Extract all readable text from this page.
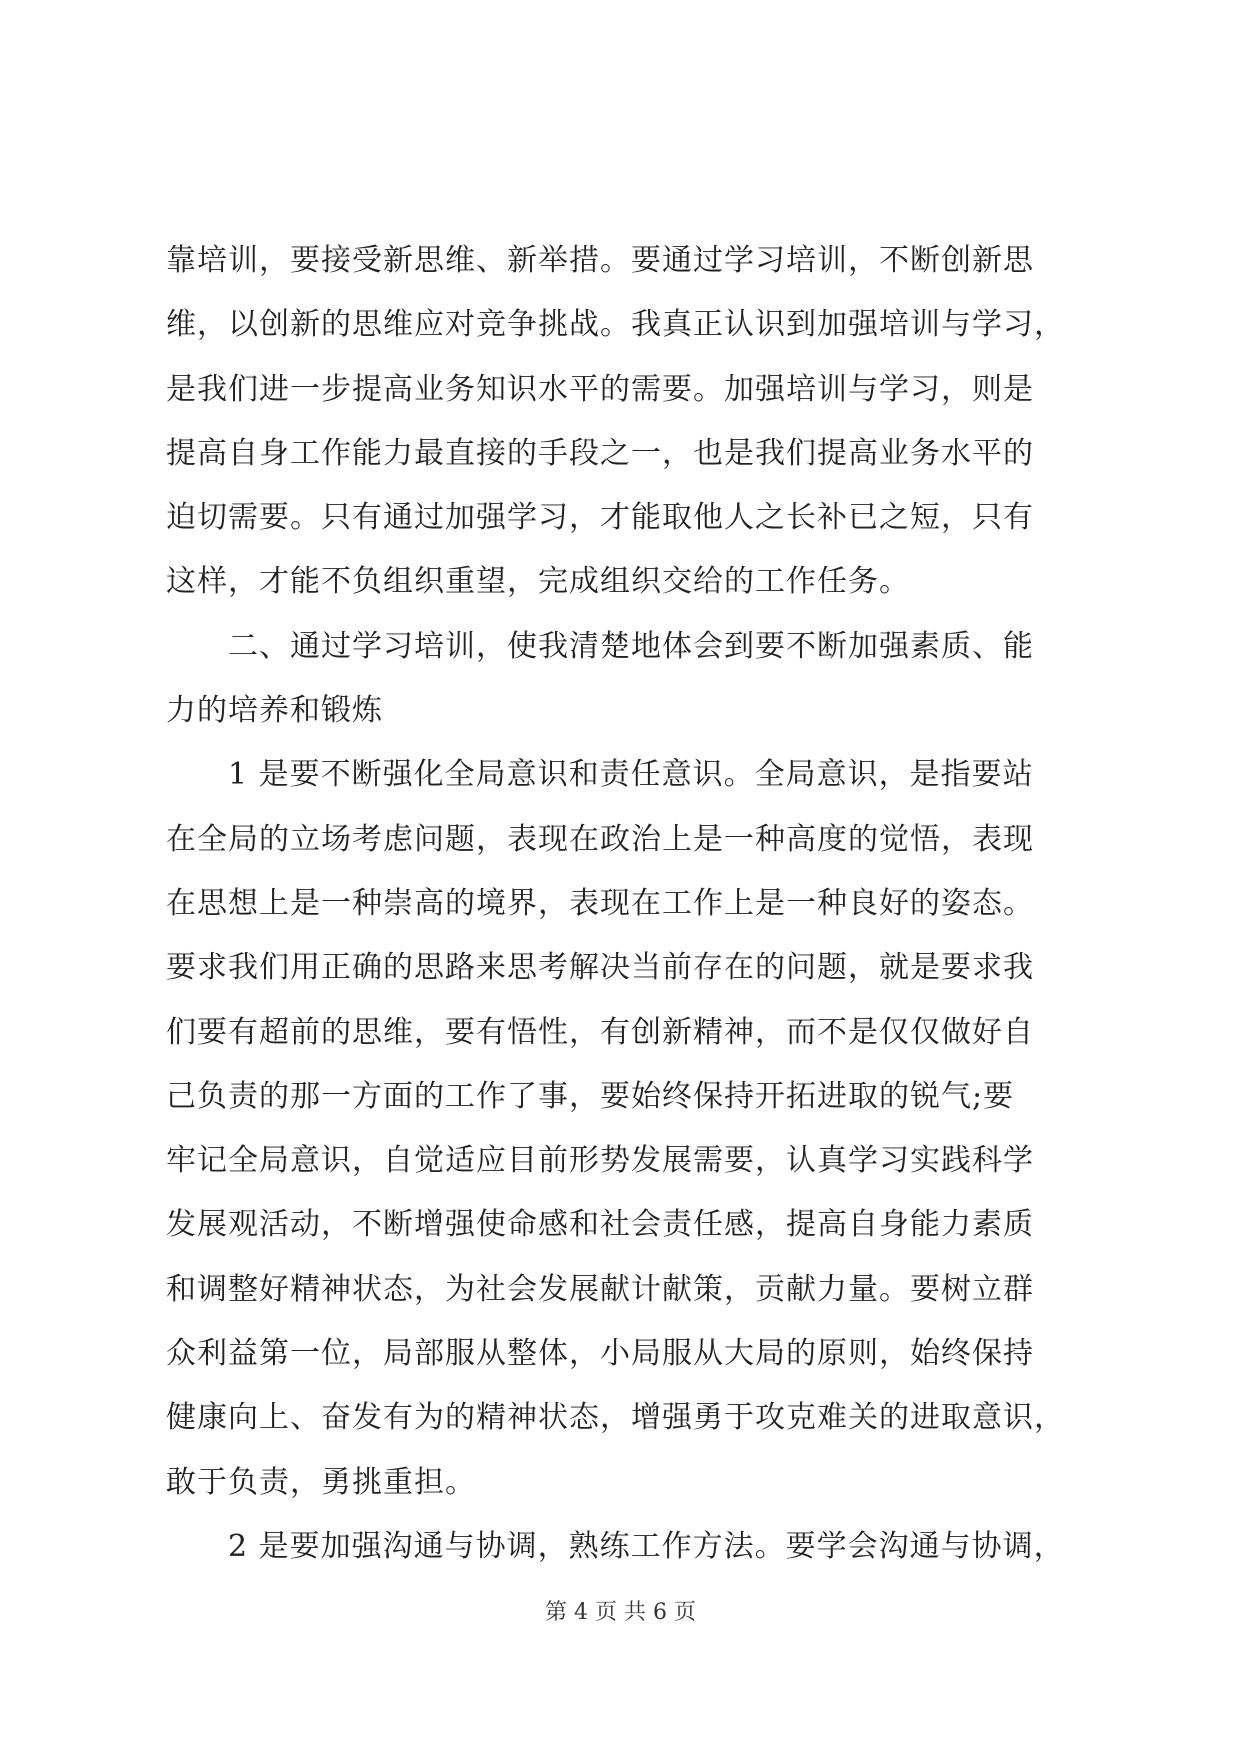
靠培训，要接受新思维、新举措。要通过学习培训，不断创新思
维，以创新的思维应对竞争挑战。我真正认识到加强培训与学习，
是我们进一步提高业务知识水平的需要。加强培训与学习，则是
提高自身工作能力最直接的手段之一，也是我们提高业务水平的
迫切需要。只有通过加强学习，才能取他人之长补已之短，只有
这样，才能不负组织重望，完成组织交给的工作任务。
　　二、通过学习培训，使我清楚地体会到要不断加强素质、能
力的培养和锻炼
　　1 是要不断强化全局意识和责任意识。全局意识，是指要站
在全局的立场考虑问题，表现在政治上是一种高度的觉悟，表现
在思想上是一种崇高的境界，表现在工作上是一种良好的姿态。
要求我们用正确的思路来思考解决当前存在的问题，就是要求我
们要有超前的思维，要有悟性，有创新精神，而不是仅仅做好自
己负责的那一方面的工作了事，要始终保持开拓进取的锐气;要
牢记全局意识，自觉适应目前形势发展需要，认真学习实践科学
发展观活动，不断增强使命感和社会责任感，提高自身能力素质
和调整好精神状态，为社会发展献计献策，贡献力量。要树立群
众利益第一位，局部服从整体，小局服从大局的原则，始终保持
健康向上、奋发有为的精神状态，增强勇于攻克难关的进取意识，
敢于负责，勇挑重担。
　　2 是要加强沟通与协调，熟练工作方法。要学会沟通与协调，
第 4 页 共 6 页
